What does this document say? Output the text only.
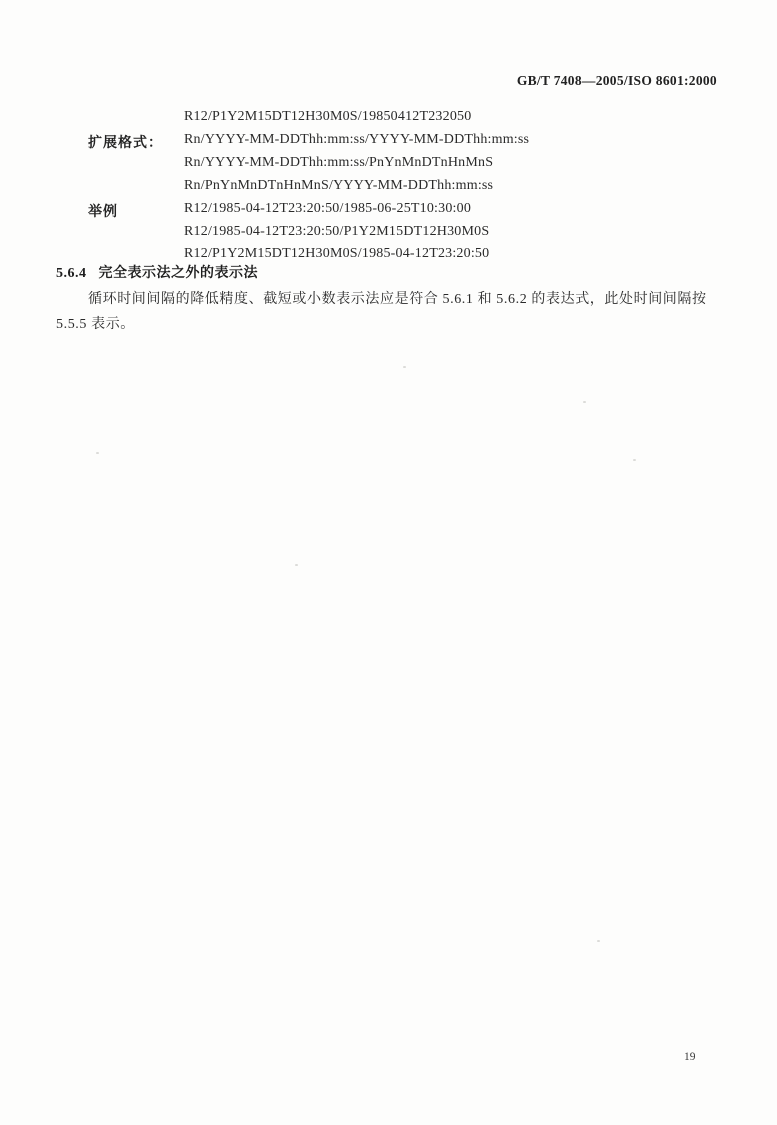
GB/T 7408—2005/ISO 8601:2000
R12/P1Y2M15DT12H30M0S/19850412T232050
扩展格式： Rn/YYYY-MM-DDThh:mm:ss/YYYY-MM-DDThh:mm:ss
Rn/YYYY-MM-DDThh:mm:ss/PnYnMnDTnHnMnS
Rn/PnYnMnDTnHnMnS/YYYY-MM-DDThh:mm:ss
举例	R12/1985-04-12T23:20:50/1985-06-25T10:30:00
R12/1985-04-12T23:20:50/P1Y2M15DT12H30M0S
R12/P1Y2M15DT12H30M0S/1985-04-12T23:20:50
5.6.4 完全表示法之外的表示法
循环时间间隔的降低精度、截短或小数表示法应是符合 5.6.1 和 5.6.2 的表达式，此处时间间隔按
5.5.5 表示。
19
